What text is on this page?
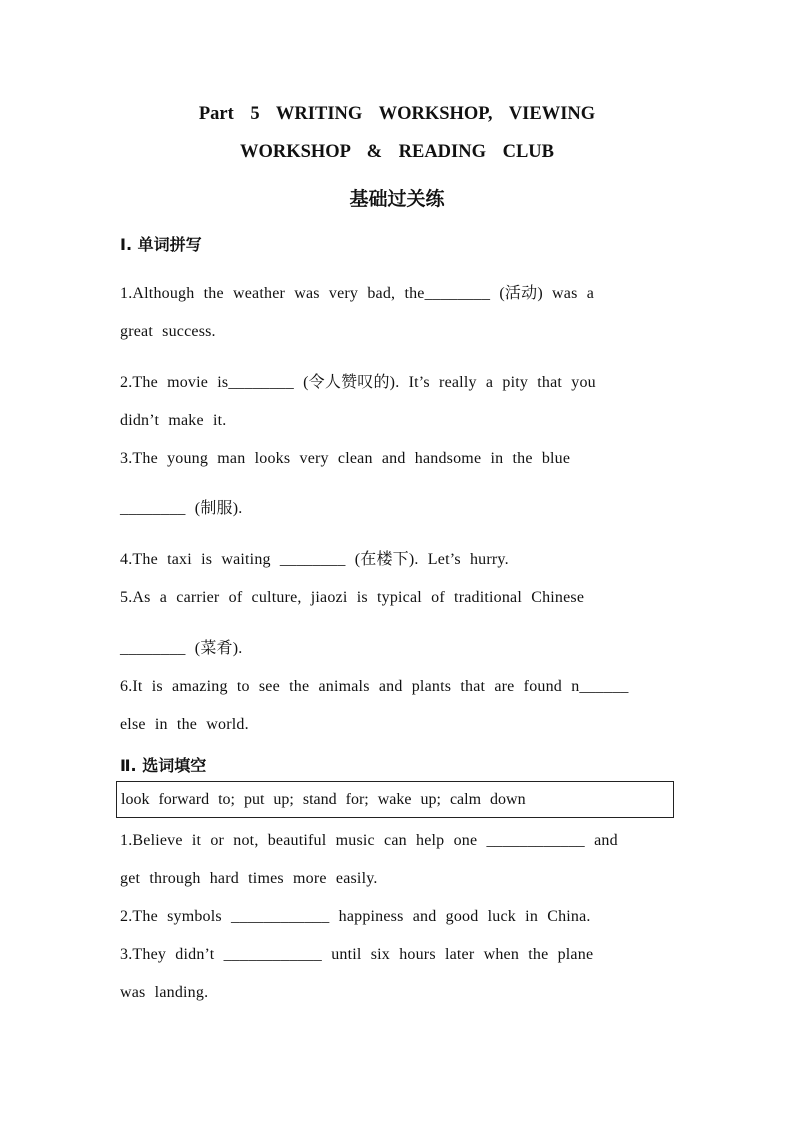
Part 5 WRITING WORKSHOP, VIEWING
WORKSHOP & READING CLUB
基础过关练
Ⅰ. 单词拼写
1.Although the weather was very bad, the________ (活动) was a
great success.
2.The movie is________ (令人赞叹的). It’s really a pity that you
didn’t make it.
3.The young man looks very clean and handsome in the blue
________ (制服).
4.The taxi is waiting ________ (在楼下). Let’s hurry.
5.As a carrier of culture, jiaozi is typical of traditional Chinese
________ (菜肴).
6.It is amazing to see the animals and plants that are found n______
else in the world.
Ⅱ. 选词填空
look forward to; put up; stand for; wake up; calm down
1.Believe it or not, beautiful music can help one ____________ and
get through hard times more easily.
2.The symbols ____________ happiness and good luck in China.
3.They didn’t ____________ until six hours later when the plane
was landing.
